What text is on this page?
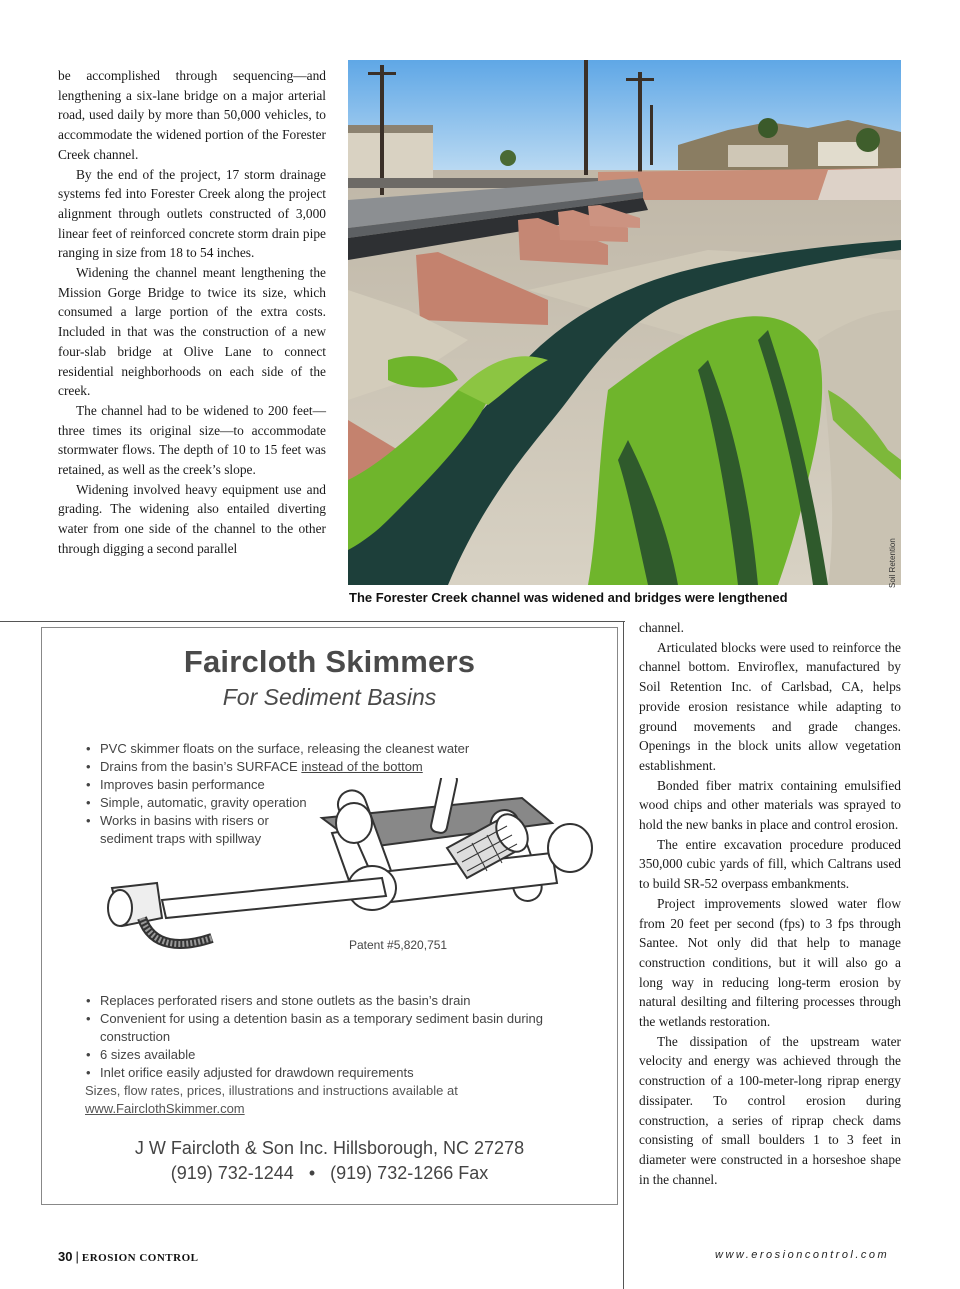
be accomplished through sequencing—and lengthening a six-lane bridge on a major arterial road, used daily by more than 50,000 vehicles, to accommodate the widened portion of the Forester Creek channel.

By the end of the project, 17 storm drainage systems fed into Forester Creek along the project alignment through outlets constructed of 3,000 linear feet of reinforced concrete storm drain pipe ranging in size from 18 to 54 inches.

Widening the channel meant lengthening the Mission Gorge Bridge to twice its size, which consumed a large portion of the extra costs. Included in that was the construction of a new four-slab bridge at Olive Lane to connect residential neighborhoods on each side of the creek.

The channel had to be widened to 200 feet—three times its original size—to accommodate stormwater flows. The depth of 10 to 15 feet was retained, as well as the creek’s slope.

Widening involved heavy equipment use and grading. The widening also entailed diverting water from one side of the channel to the other through digging a second parallel	Soil Retention
The Forester Creek channel was widened and bridges were lengthened
Faircloth Skimmers
For Sediment Basins
• PVC skimmer floats on the surface, releasing the cleanest water
• Drains from the basin’s SURFACE instead of the bottom
• Improves basin performance
• Simple, automatic, gravity operation
• Works in basins with risers or sediment traps with spillway
Patent #5,820,751
• Replaces perforated risers and stone outlets as the basin’s drain
• Convenient for using a detention basin as a temporary sediment basin during construction
• 6 sizes available
• Inlet orifice easily adjusted for drawdown requirements
Sizes, flow rates, prices, illustrations and instructions available at
www.FairclothSkimmer.com
J W Faircloth & Son Inc. Hillsborough, NC 27278
(919) 732-1244   •   (919) 732-1266 Fax

channel.

Articulated blocks were used to reinforce the channel bottom. Enviroflex, manufactured by Soil Retention Inc. of Carlsbad, CA, helps provide erosion resistance while adapting to ground movements and grade changes. Openings in the block units allow vegetation establishment.

Bonded fiber matrix containing emulsified wood chips and other materials was sprayed to hold the new banks in place and control erosion.

The entire excavation procedure produced 350,000 cubic yards of fill, which Caltrans used to build SR-52 overpass embankments.

Project improvements slowed water flow from 20 feet per second (fps) to 3 fps through Santee. Not only did that help to manage construction conditions, but it will also go a long way in reducing long-term erosion by natural desilting and filtering processes through the wetlands restoration.

The dissipation of the upstream water velocity and energy was achieved through the construction of a 100-meter-long riprap energy dissipater. To control erosion during construction, a series of riprap check dams consisting of small boulders 1 to 3 feet in diameter were constructed in a horseshoe shape in the channel.

30 | EROSION CONTROL	www.erosioncontrol.com
